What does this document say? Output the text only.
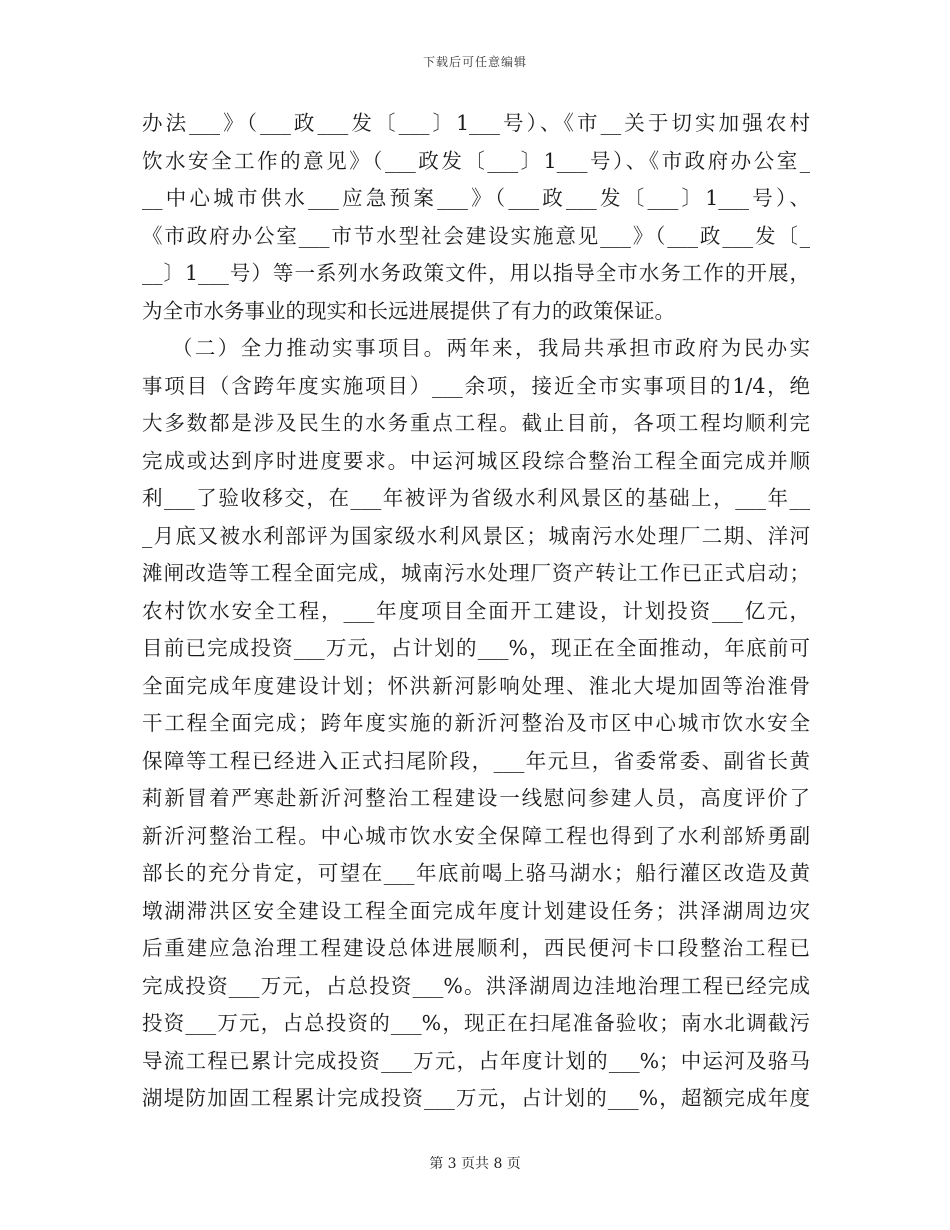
下载后可任意编辑
办法___》（___政___发〔___〕1___号）、《市__关于切实加强农村
饮水安全工作的意见》（___政发〔___〕1___号）、《市政府办公室_
__中心城市供水___应急预案___》（___政___发〔___〕1___号）、
《市政府办公室___市节水型社会建设实施意见___》（___政___发〔_
__〕1___号）等一系列水务政策文件，用以指导全市水务工作的开展，
为全市水务事业的现实和长远进展提供了有力的政策保证。
（二）全力推动实事项目。两年来，我局共承担市政府为民办实
事项目（含跨年度实施项目）___余项，接近全市实事项目的1/4，绝
大多数都是涉及民生的水务重点工程。截止目前，各项工程均顺利完
完成或达到序时进度要求。中运河城区段综合整治工程全面完成并顺
利___了验收移交，在___年被评为省级水利风景区的基础上，___年__
_月底又被水利部评为国家级水利风景区；城南污水处理厂二期、洋河
滩闸改造等工程全面完成，城南污水处理厂资产转让工作已正式启动；
农村饮水安全工程，___年度项目全面开工建设，计划投资___亿元，
目前已完成投资___万元，占计划的___%，现正在全面推动，年底前可
全面完成年度建设计划；怀洪新河影响处理、淮北大堤加固等治淮骨
干工程全面完成；跨年度实施的新沂河整治及市区中心城市饮水安全
保障等工程已经进入正式扫尾阶段，___年元旦，省委常委、副省长黄
莉新冒着严寒赴新沂河整治工程建设一线慰问参建人员，高度评价了
新沂河整治工程。中心城市饮水安全保障工程也得到了水利部矫勇副
部长的充分肯定，可望在___年底前喝上骆马湖水；船行灌区改造及黄
墩湖滞洪区安全建设工程全面完成年度计划建设任务；洪泽湖周边灾
后重建应急治理工程建设总体进展顺利，西民便河卡口段整治工程已
完成投资___万元，占总投资___%。洪泽湖周边洼地治理工程已经完成
投资___万元，占总投资的___%，现正在扫尾准备验收；南水北调截污
导流工程已累计完成投资___万元，占年度计划的___%；中运河及骆马
湖堤防加固工程累计完成投资___万元，占计划的___%，超额完成年度
第 3 页共 8 页
